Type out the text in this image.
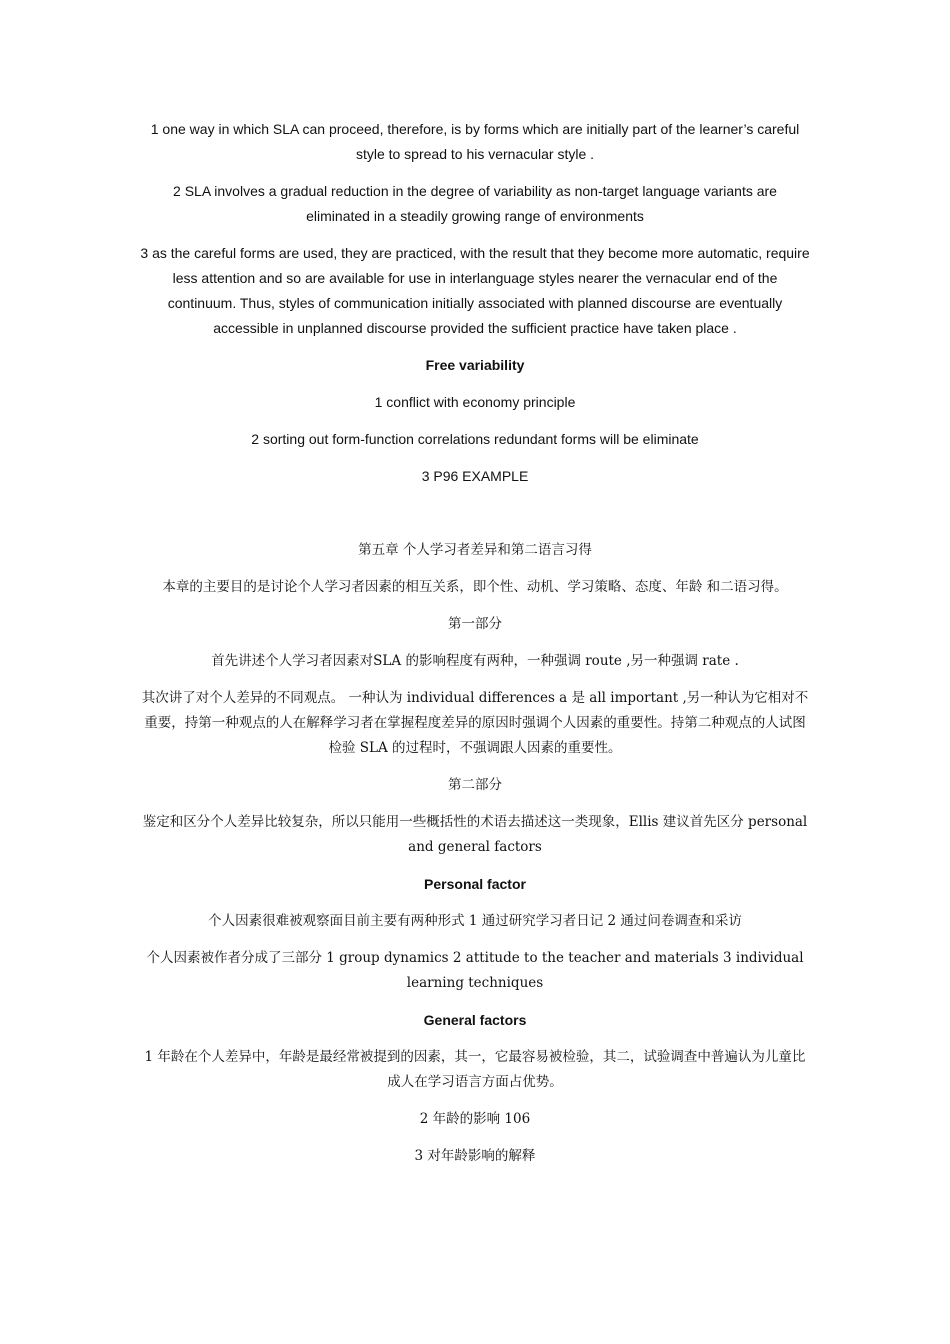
1 one way in which SLA can proceed, therefore, is by forms which are initially part of the learner’s careful style to spread to his vernacular style .
2 SLA involves a gradual reduction in the degree of variability as non-target language variants are eliminated in a steadily growing range of environments
3 as the careful forms are used, they are practiced, with the result that they become more automatic, require less attention and so are available for use in interlanguage styles nearer the vernacular end of the continuum. Thus, styles of communication initially associated with planned discourse are eventually accessible in unplanned discourse provided the sufficient practice have taken place .
Free variability
1 conflict with economy principle
2 sorting out form-function correlations redundant forms will be eliminate
3 P96 EXAMPLE
第五章 个人学习者差异和第二语言习得
本章的主要目的是讨论个人学习者因素的相互关系，即个性、动机、学习策略、态度、年龄 和二语习得。
第一部分
首先讲述个人学习者因素对SLA 的影响程度有两种，一种强调 route ,另一种强调 rate .
其次讲了对个人差异的不同观点。 一种认为 individual differences a 是 all important ,另一种认为它相对不重要，持第一种观点的人在解释学习者在掌握程度差异的原因时强调个人因素的重要性。持第二种观点的人试图检验 SLA 的过程时，不强调跟人因素的重要性。
第二部分
鉴定和区分个人差异比较复杂，所以只能用一些概括性的术语去描述这一类现象，Ellis 建议首先区分 personal and general factors
Personal factor
个人因素很难被观察面目前主要有两种形式 1 通过研究学习者日记 2 通过问卷调查和采访
个人因素被作者分成了三部分 1 group dynamics 2 attitude to the teacher and materials 3 individual learning techniques
General factors
1 年龄在个人差异中，年龄是最经常被提到的因素，其一，它最容易被检验，其二，试验调查中普遍认为儿童比成人在学习语言方面占优势。
2 年龄的影响 106
3 对年龄影响的解释
